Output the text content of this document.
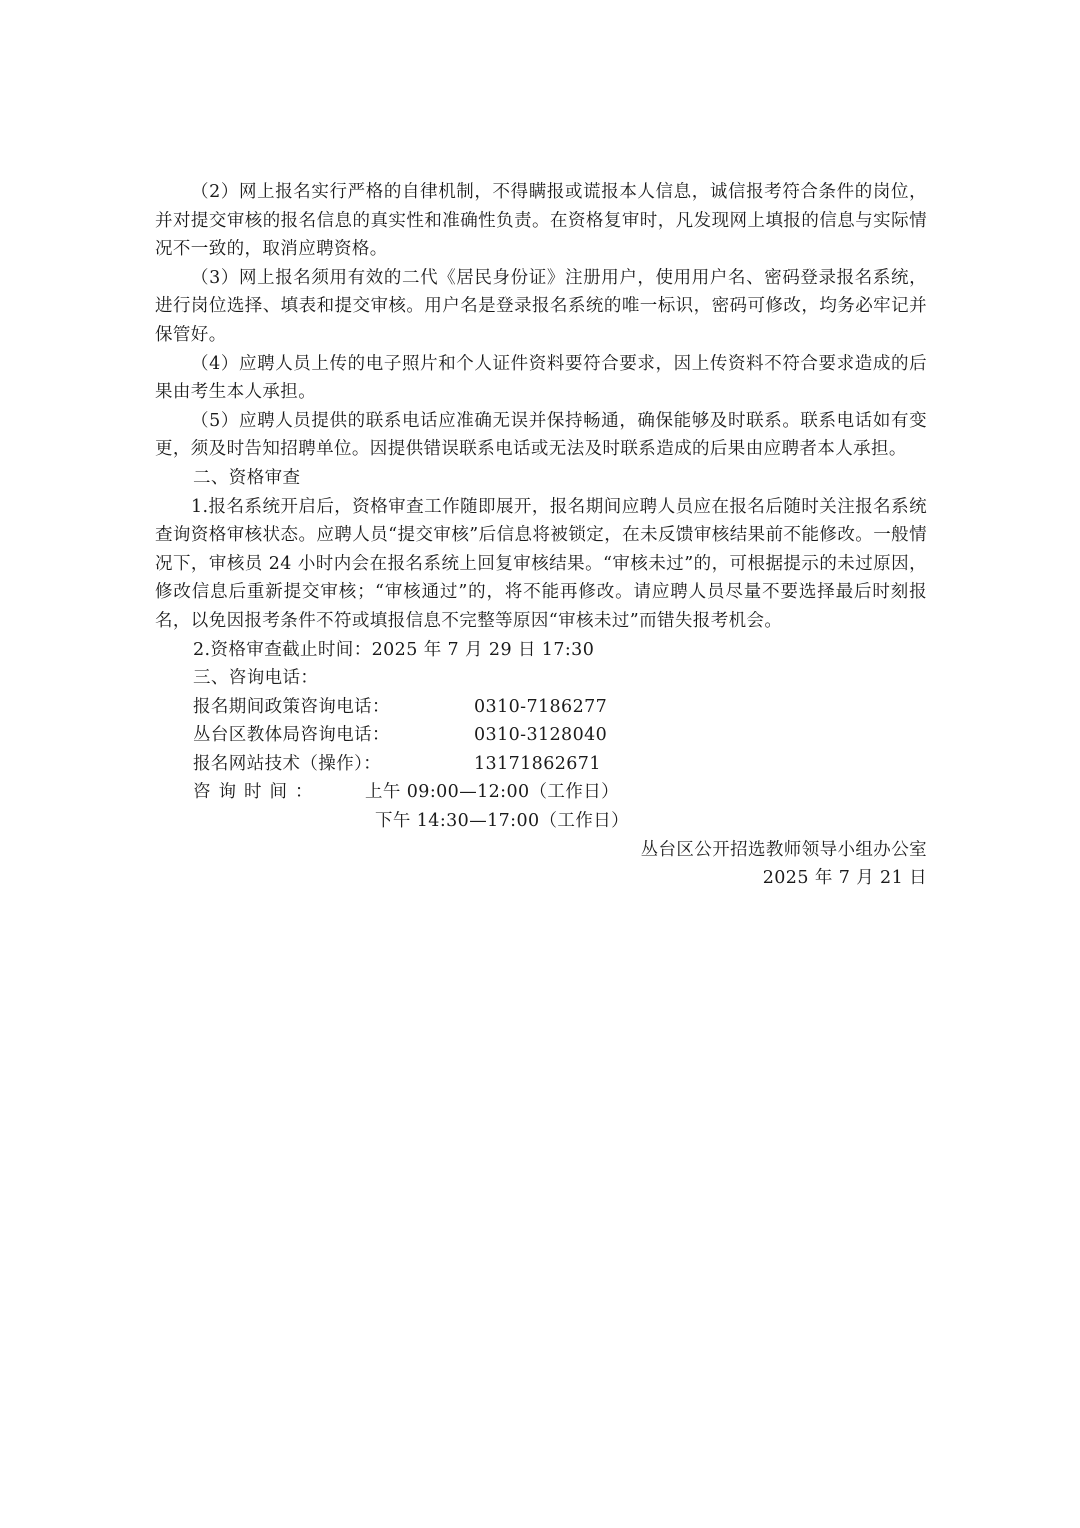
（2）网上报名实行严格的自律机制，不得瞒报或谎报本人信息，诚信报考符合条件的岗位，并对提交审核的报名信息的真实性和准确性负责。在资格复审时，凡发现网上填报的信息与实际情况不一致的，取消应聘资格。

（3）网上报名须用有效的二代《居民身份证》注册用户，使用用户名、密码登录报名系统，进行岗位选择、填表和提交审核。用户名是登录报名系统的唯一标识，密码可修改，均务必牢记并保管好。

（4）应聘人员上传的电子照片和个人证件资料要符合要求，因上传资料不符合要求造成的后果由考生本人承担。

（5）应聘人员提供的联系电话应准确无误并保持畅通，确保能够及时联系。联系电话如有变更，须及时告知招聘单位。因提供错误联系电话或无法及时联系造成的后果由应聘者本人承担。

二、资格审查

1.报名系统开启后，资格审查工作随即展开，报名期间应聘人员应在报名后随时关注报名系统查询资格审核状态。应聘人员“提交审核”后信息将被锁定，在未反馈审核结果前不能修改。一般情况下，审核员 24 小时内会在报名系统上回复审核结果。“审核未过”的，可根据提示的未过原因，修改信息后重新提交审核；“审核通过”的，将不能再修改。请应聘人员尽量不要选择最后时刻报名，以免因报考条件不符或填报信息不完整等原因“审核未过”而错失报考机会。

2.资格审查截止时间：2025 年 7 月 29 日 17:30

三、咨询电话：

报名期间政策咨询电话：	0310-7186277
丛台区教体局咨询电话：	0310-3128040
报名网站技术（操作）：	13171862671
咨询时间：	上午 09:00—12:00（工作日）
下午 14:30—17:00（工作日）
丛台区公开招选教师领导小组办公室
2025 年 7 月 21 日
